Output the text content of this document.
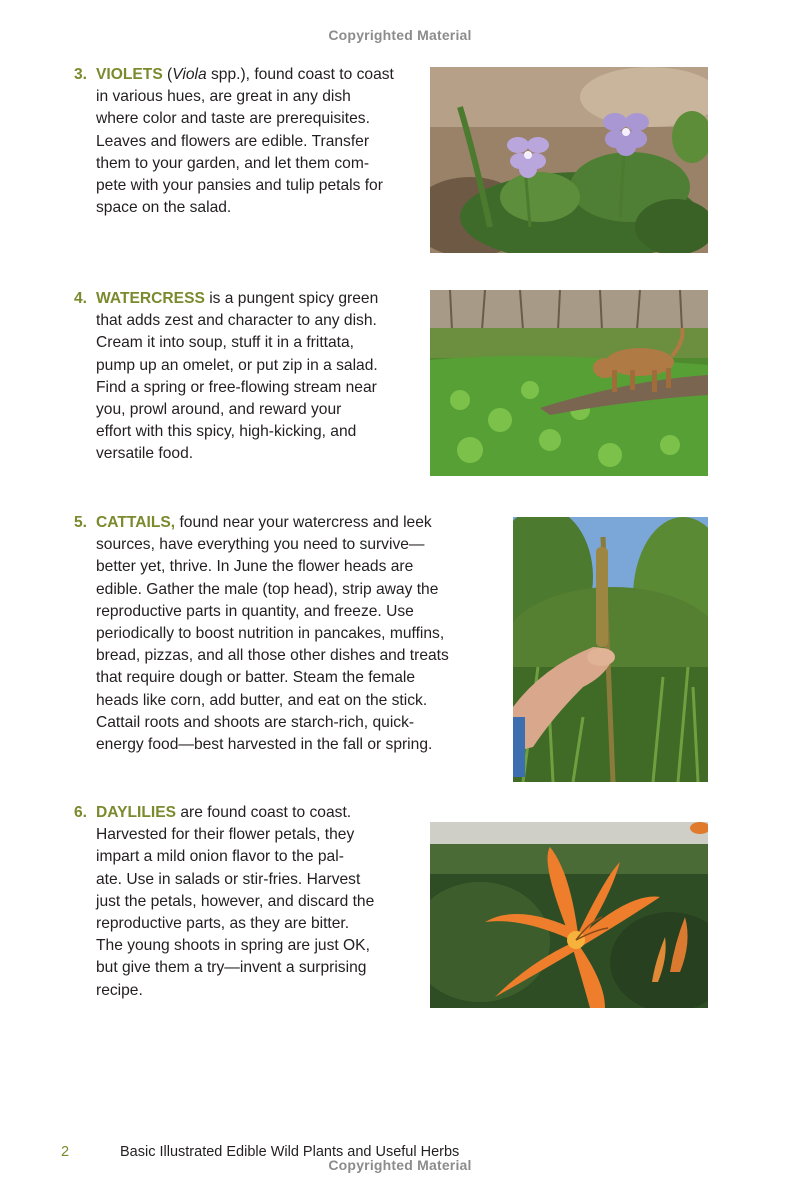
Copyrighted Material
3. VIOLETS (Viola spp.), found coast to coast
in various hues, are great in any dish
where color and taste are prerequisites.
Leaves and flowers are edible. Transfer
them to your garden, and let them com-
pete with your pansies and tulip petals for
space on the salad.
4. WATERCRESS is a pungent spicy green
that adds zest and character to any dish.
Cream it into soup, stuff it in a frittata,
pump up an omelet, or put zip in a salad.
Find a spring or free-flowing stream near
you, prowl around, and reward your
effort with this spicy, high-kicking, and
versatile food.
5. CATTAILS, found near your watercress and leek
sources, have everything you need to survive—
better yet, thrive. In June the flower heads are
edible. Gather the male (top head), strip away the
reproductive parts in quantity, and freeze. Use
periodically to boost nutrition in pancakes, muffins,
bread, pizzas, and all those other dishes and treats
that require dough or batter. Steam the female
heads like corn, add butter, and eat on the stick.
Cattail roots and shoots are starch-rich, quick-
energy food—best harvested in the fall or spring.
6. DAYLILIES are found coast to coast.
Harvested for their flower petals, they
impart a mild onion flavor to the pal-
ate. Use in salads or stir-fries. Harvest
just the petals, however, and discard the
reproductive parts, as they are bitter.
The young shoots in spring are just OK,
but give them a try—invent a surprising
recipe.
2	Basic Illustrated Edible Wild Plants and Useful Herbs
Copyrighted Material
